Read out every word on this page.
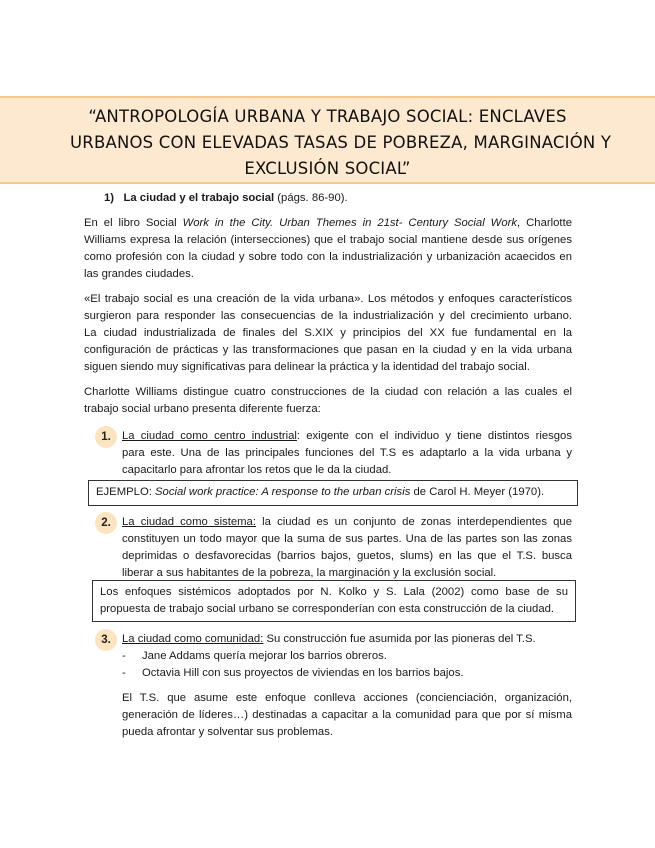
“ANTROPOLOGÍA URBANA Y TRABAJO SOCIAL: ENCLAVES
URBANOS CON ELEVADAS TASAS DE POBREZA, MARGINACIÓN Y
EXCLUSIÓN SOCIAL”
1) La ciudad y el trabajo social (págs. 86-90).
En el libro Social Work in the City. Urban Themes in 21st- Century Social Work, Charlotte
Williams expresa la relación (intersecciones) que el trabajo social mantiene desde sus orígenes
como profesión con la ciudad y sobre todo con la industrialización y urbanización acaecidos en
las grandes ciudades.
«El trabajo social es una creación de la vida urbana». Los métodos y enfoques característicos
surgieron para responder las consecuencias de la industrialización y del crecimiento urbano.
La ciudad industrializada de finales del S.XIX y principios del XX fue fundamental en la
configuración de prácticas y las transformaciones que pasan en la ciudad y en la vida urbana
siguen siendo muy significativas para delinear la práctica y la identidad del trabajo social.
Charlotte Williams distingue cuatro construcciones de la ciudad con relación a las cuales el
trabajo social urbano presenta diferente fuerza:
1. La ciudad como centro industrial: exigente con el individuo y tiene distintos riesgos
para este. Una de las principales funciones del T.S es adaptarlo a la vida urbana y
capacitarlo para afrontar los retos que le da la ciudad.
EJEMPLO: Social work practice: A response to the urban crisis de Carol H. Meyer (1970).
2. La ciudad como sistema: la ciudad es un conjunto de zonas interdependientes que
constituyen un todo mayor que la suma de sus partes. Una de las partes son las zonas
deprimidas o desfavorecidas (barrios bajos, guetos, slums) en las que el T.S. busca
liberar a sus habitantes de la pobreza, la marginación y la exclusión social.
Los enfoques sistémicos adoptados por N. Kolko y S. Lala (2002) como base de su
propuesta de trabajo social urbano se corresponderían con esta construcción de la ciudad.
3. La ciudad como comunidad: Su construcción fue asumida por las pioneras del T.S.
- Jane Addams quería mejorar los barrios obreros.
- Octavia Hill con sus proyectos de viviendas en los barrios bajos.
El T.S. que asume este enfoque conlleva acciones (concienciación, organización,
generación de líderes…) destinadas a capacitar a la comunidad para que por sí misma
pueda afrontar y solventar sus problemas.
